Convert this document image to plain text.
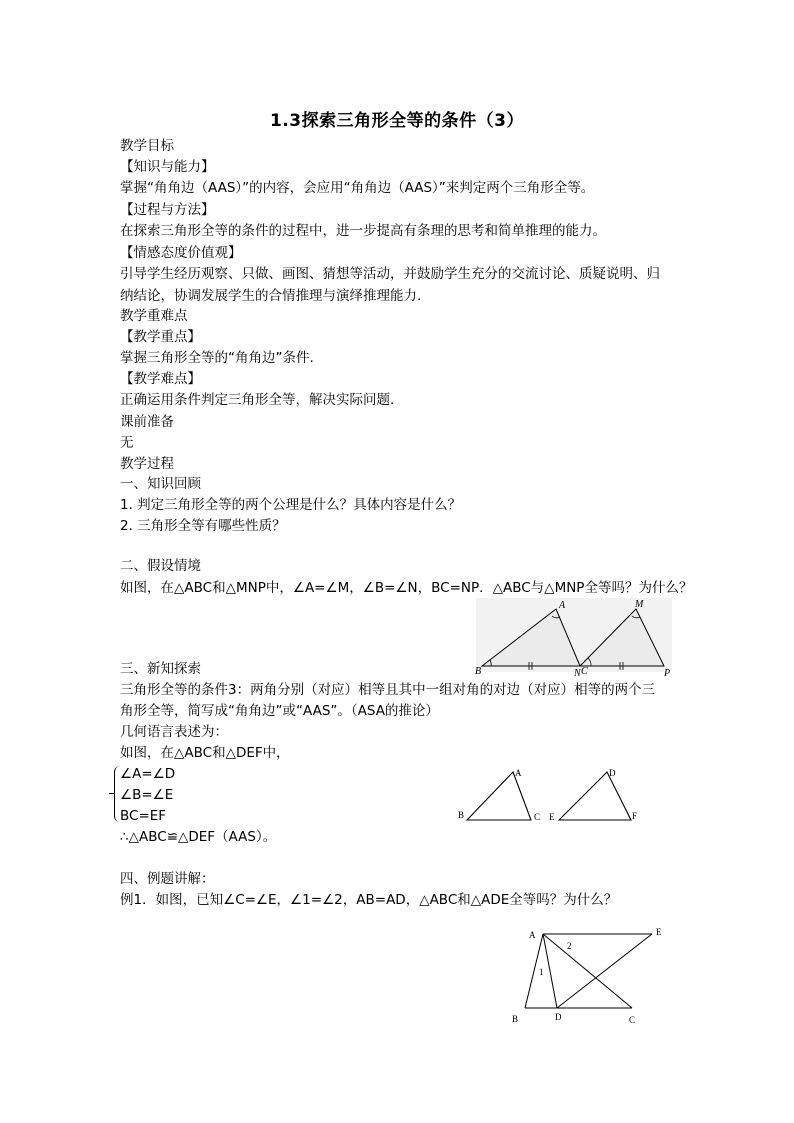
1.3探索三角形全等的条件（3）
教学目标
【知识与能力】
掌握“角角边（AAS）”的内容，会应用“角角边（AAS）”来判定两个三角形全等。
【过程与方法】
在探索三角形全等的条件的过程中，进一步提高有条理的思考和简单推理的能力。
【情感态度价值观】
引导学生经历观察、只做、画图、猜想等活动，并鼓励学生充分的交流讨论、质疑说明、归
纳结论，协调发展学生的合情推理与演绎推理能力.
教学重难点
【教学重点】
掌握三角形全等的“角角边”条件.
【教学难点】
正确运用条件判定三角形全等，解决实际问题.
课前准备
无
教学过程
一、知识回顾
1. 判定三角形全等的两个公理是什么？具体内容是什么？
2. 三角形全等有哪些性质？
二、假设情境
如图，在△ABC和△MNP中，∠A=∠M，∠B=∠N，BC=NP．△ABC与△MNP全等吗？为什么？
A
B	C
M
N	P
三、新知探索
三角形全等的条件3：两角分别（对应）相等且其中一组对角的对边（对应）相等的两个三
角形全等，简写成“角角边”或“AAS”。（ASA的推论）
几何语言表述为：
如图，在△ABC和△DEF中，
∠A=∠D
∠B=∠E
BC=EF
∴△ABC≌△DEF（AAS）。
A
B	C
D
E	F
四、例题讲解：
例1．如图，已知∠C=∠E，∠1=∠2，AB=AD，△ABC和△ADE全等吗？为什么？
A
B	C
D
E
1
2
